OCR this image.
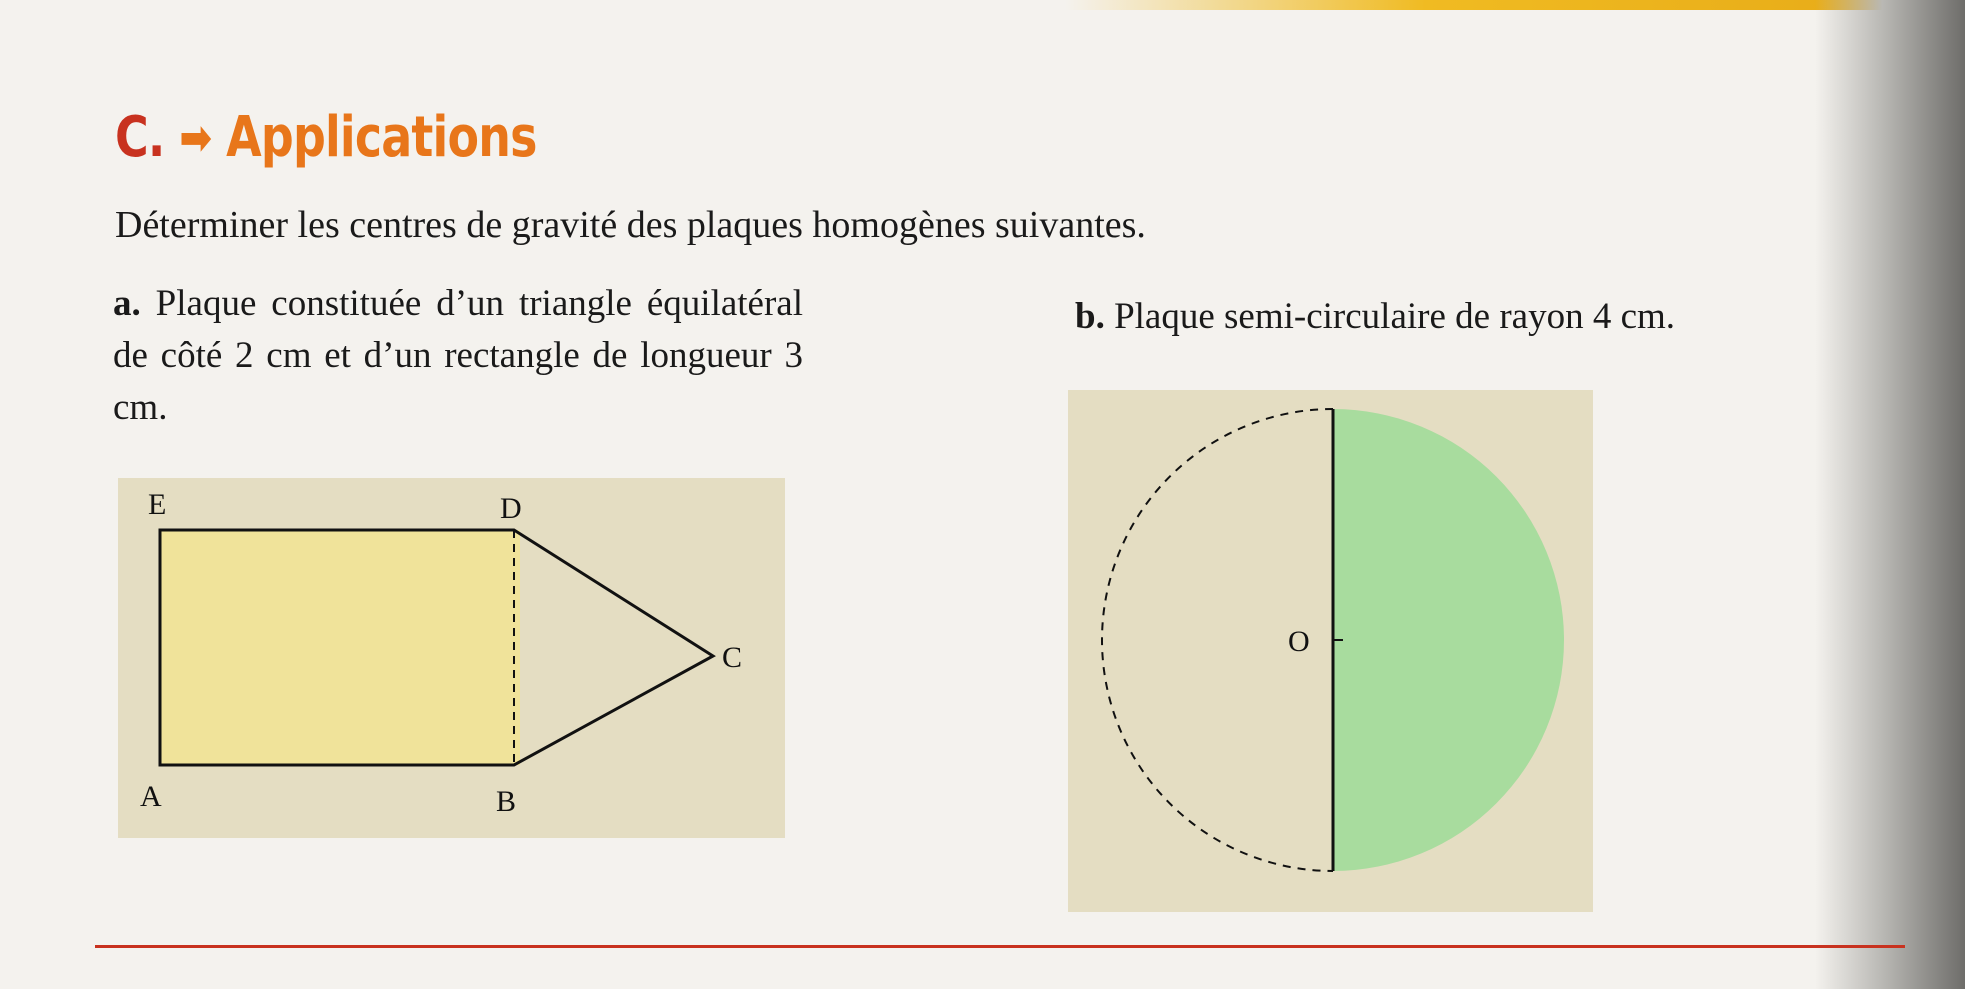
C. ➡ Applications

Déterminer les centres de gravité des plaques homogènes suivantes.

a. Plaque constituée d’un triangle équilatéral de côté 2 cm et d’un rectangle de longueur 3 cm.

b. Plaque semi-circulaire de rayon 4 cm.

E	D
C
A	B
O
